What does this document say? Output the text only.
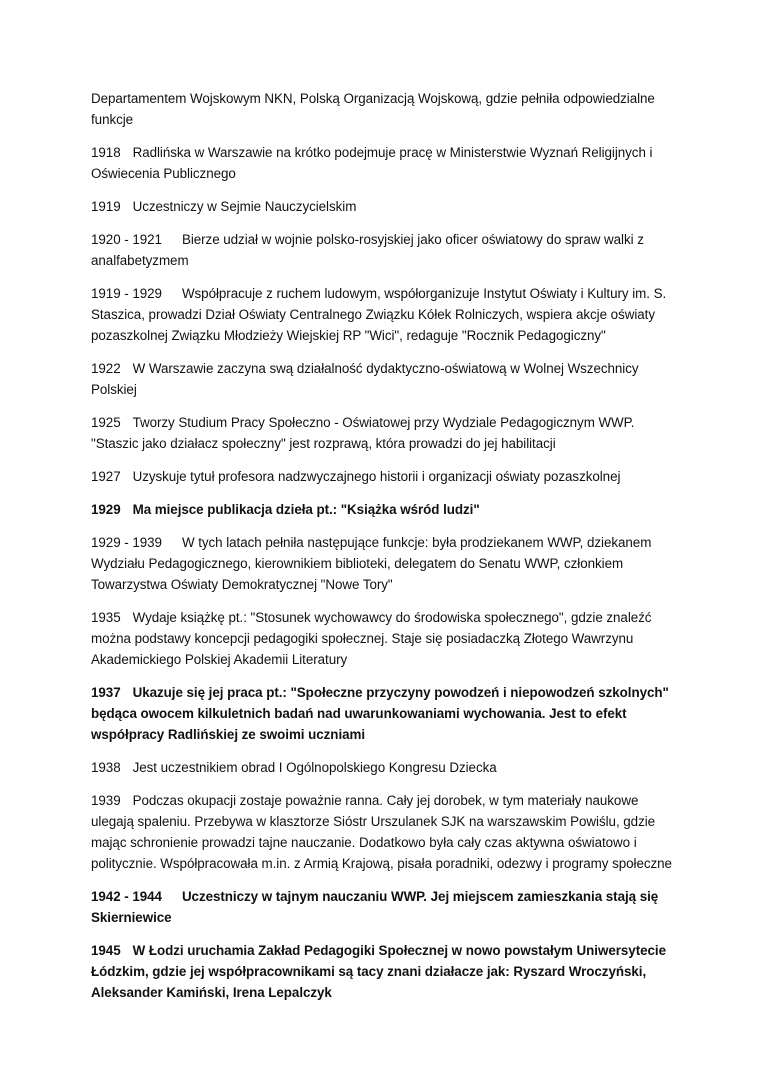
Departamentem Wojskowym NKN, Polską Organizacją Wojskową, gdzie pełniła odpowiedzialne funkcje

1918 Radlińska w Warszawie na krótko podejmuje pracę w Ministerstwie Wyznań Religijnych i Oświecenia Publicznego

1919 Uczestniczy w Sejmie Nauczycielskim

1920 - 1921 Bierze udział w wojnie polsko-rosyjskiej jako oficer oświatowy do spraw walki z analfabetyzmem

1919 - 1929 Współpracuje z ruchem ludowym, współorganizuje Instytut Oświaty i Kultury im. S. Staszica, prowadzi Dział Oświaty Centralnego Związku Kółek Rolniczych, wspiera akcje oświaty pozaszkolnej Związku Młodzieży Wiejskiej RP "Wici", redaguje "Rocznik Pedagogiczny"

1922 W Warszawie zaczyna swą działalność dydaktyczno-oświatową w Wolnej Wszechnicy Polskiej

1925 Tworzy Studium Pracy Społeczno - Oświatowej przy Wydziale Pedagogicznym WWP. "Staszic jako działacz społeczny" jest rozprawą, która prowadzi do jej habilitacji

1927 Uzyskuje tytuł profesora nadzwyczajnego historii i organizacji oświaty pozaszkolnej

1929 Ma miejsce publikacja dzieła pt.: "Książka wśród ludzi"

1929 - 1939 W tych latach pełniła następujące funkcje: była prodziekanem WWP, dziekanem Wydziału Pedagogicznego, kierownikiem biblioteki, delegatem do Senatu WWP, członkiem Towarzystwa Oświaty Demokratycznej "Nowe Tory"

1935 Wydaje książkę pt.: "Stosunek wychowawcy do środowiska społecznego", gdzie znaleźć można podstawy koncepcji pedagogiki społecznej. Staje się posiadaczką Złotego Wawrzynu Akademickiego Polskiej Akademii Literatury

1937 Ukazuje się jej praca pt.: "Społeczne przyczyny powodzeń i niepowodzeń szkolnych" będąca owocem kilkuletnich badań nad uwarunkowaniami wychowania. Jest to efekt współpracy Radlińskiej ze swoimi uczniami

1938 Jest uczestnikiem obrad I Ogólnopolskiego Kongresu Dziecka

1939 Podczas okupacji zostaje poważnie ranna. Cały jej dorobek, w tym materiały naukowe ulegają spaleniu. Przebywa w klasztorze Sióstr Urszulanek SJK na warszawskim Powiślu, gdzie mając schronienie prowadzi tajne nauczanie. Dodatkowo była cały czas aktywna oświatowo i politycznie. Współpracowała m.in. z Armią Krajową, pisała poradniki, odezwy i programy społeczne

1942 - 1944 Uczestniczy w tajnym nauczaniu WWP. Jej miejscem zamieszkania stają się Skierniewice

1945 W Łodzi uruchamia Zakład Pedagogiki Społecznej w nowo powstałym Uniwersytecie Łódzkim, gdzie jej współpracownikami są tacy znani działacze jak: Ryszard Wroczyński, Aleksander Kamiński, Irena Lepalczyk
